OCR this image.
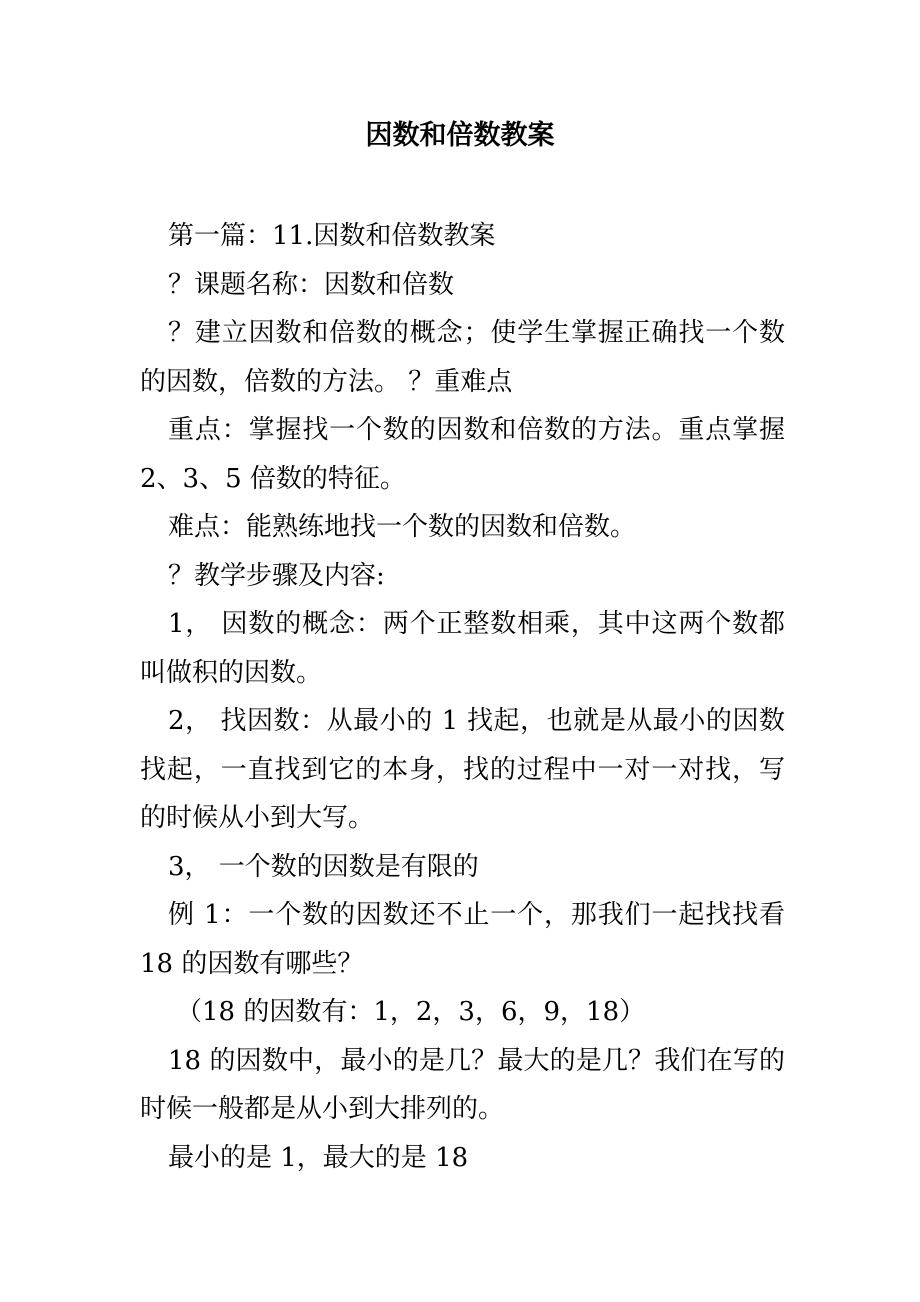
因数和倍数教案

第一篇：11.因数和倍数教案

？课题名称：因数和倍数

？建立因数和倍数的概念；使学生掌握正确找一个数的因数，倍数的方法。 ？重难点

重点：掌握找一个数的因数和倍数的方法。重点掌握 2、3、5 倍数的特征。

难点：能熟练地找一个数的因数和倍数。

？教学步骤及内容:

1， 因数的概念：两个正整数相乘，其中这两个数都叫做积的因数。

2， 找因数：从最小的 1 找起，也就是从最小的因数找起，一直找到它的本身，找的过程中一对一对找，写的时候从小到大写。

3， 一个数的因数是有限的

例 1：一个数的因数还不止一个，那我们一起找找看 18 的因数有哪些？

（18 的因数有：1，2，3，6，9，18）

18 的因数中，最小的是几？最大的是几？我们在写的时候一般都是从小到大排列的。

最小的是 1，最大的是 18
